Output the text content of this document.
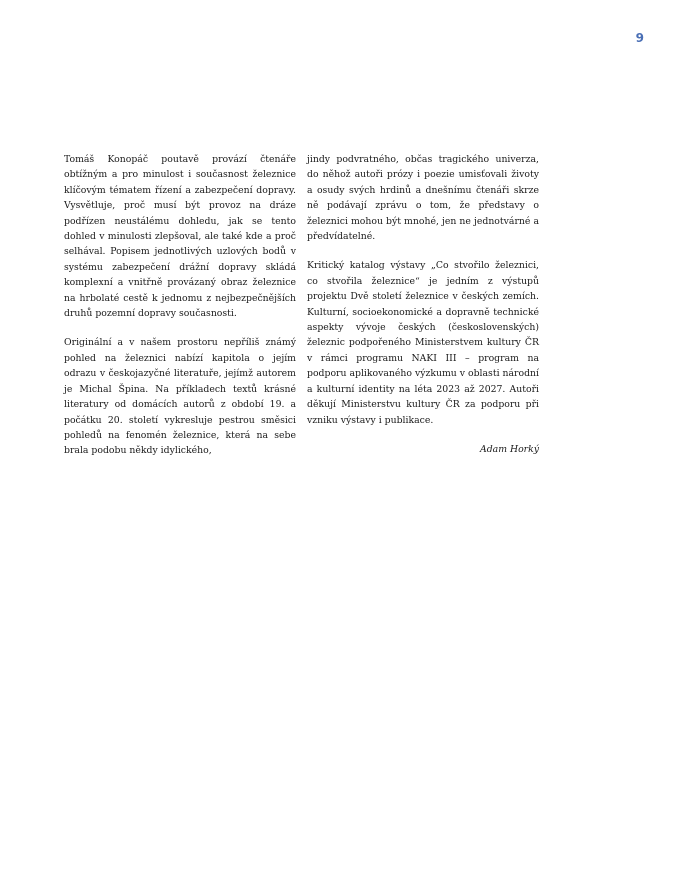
9

Tomáš Konopáč poutavě provází čtenáře obtížným a pro minulost i současnost železnice klíčovým tématem řízení a zabezpečení dopravy. Vysvětluje, proč musí být provoz na dráze podřízen neustálému dohledu, jak se tento dohled v minulosti zlepšoval, ale také kde a proč selhával. Popisem jednotlivých uzlových bodů v systému zabezpečení drážní dopravy skládá komplexní a vnitřně provázaný obraz železnice na hrbolaté cestě k jednomu z nejbezpečnějších druhů pozemní dopravy současnosti.

Originální a v našem prostoru nepříliš známý pohled na železnici nabízí kapitola o jejím odrazu v českojazyčné literatuře, jejímž autorem je Michal Špina. Na příkladech textů krásné literatury od domácích autorů z období 19. a počátku 20. století vykresluje pestrou směsici pohledů na fenomén železnice, která na sebe brala podobu někdy idylického,

jindy podvratného, občas tragického univerza, do něhož autoři prózy i poezie umisťovali životy a osudy svých hrdinů a dnešnímu čtenáři skrze ně podávají zprávu o tom, že představy o železnici mohou být mnohé, jen ne jednotvárné a předvídatelné.

Kritický katalog výstavy „Co stvořilo železnici, co stvořila železnice“ je jedním z výstupů projektu Dvě století železnice v českých zemích. Kulturní, socioekonomické a dopravně technické aspekty vývoje českých (československých) železnic podpořeného Ministerstvem kultury ČR v rámci programu NAKI III – program na podporu aplikovaného výzkumu v oblasti národní a kulturní identity na léta 2023 až 2027. Autoři děkují Ministerstvu kultury ČR za podporu při vzniku výstavy i publikace.

Adam Horký
